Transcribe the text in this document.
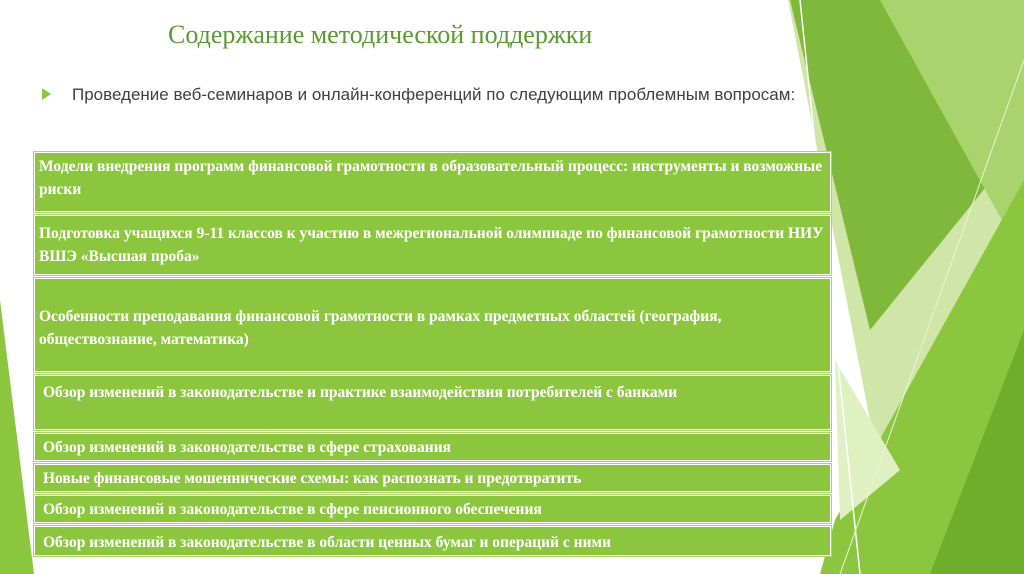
Содержание методической поддержки
Проведение веб-семинаров и онлайн-конференций по следующим проблемным вопросам:
Модели внедрения программ финансовой грамотности в образовательный процесс: инструменты и возможные риски
Подготовка учащихся 9-11 классов к участию в межрегиональной олимпиаде по финансовой грамотности НИУ ВШЭ «Высшая проба»
Особенности преподавания финансовой грамотности в рамках предметных областей (география, обществознание, математика)
Обзор изменений в законодательстве и практике взаимодействия потребителей с банками
Обзор изменений в законодательстве в сфере страхования
Новые финансовые мошеннические схемы: как распознать и предотвратить
Обзор изменений в законодательстве в сфере пенсионного обеспечения
Обзор изменений в законодательстве в области ценных бумаг и операций с ними
